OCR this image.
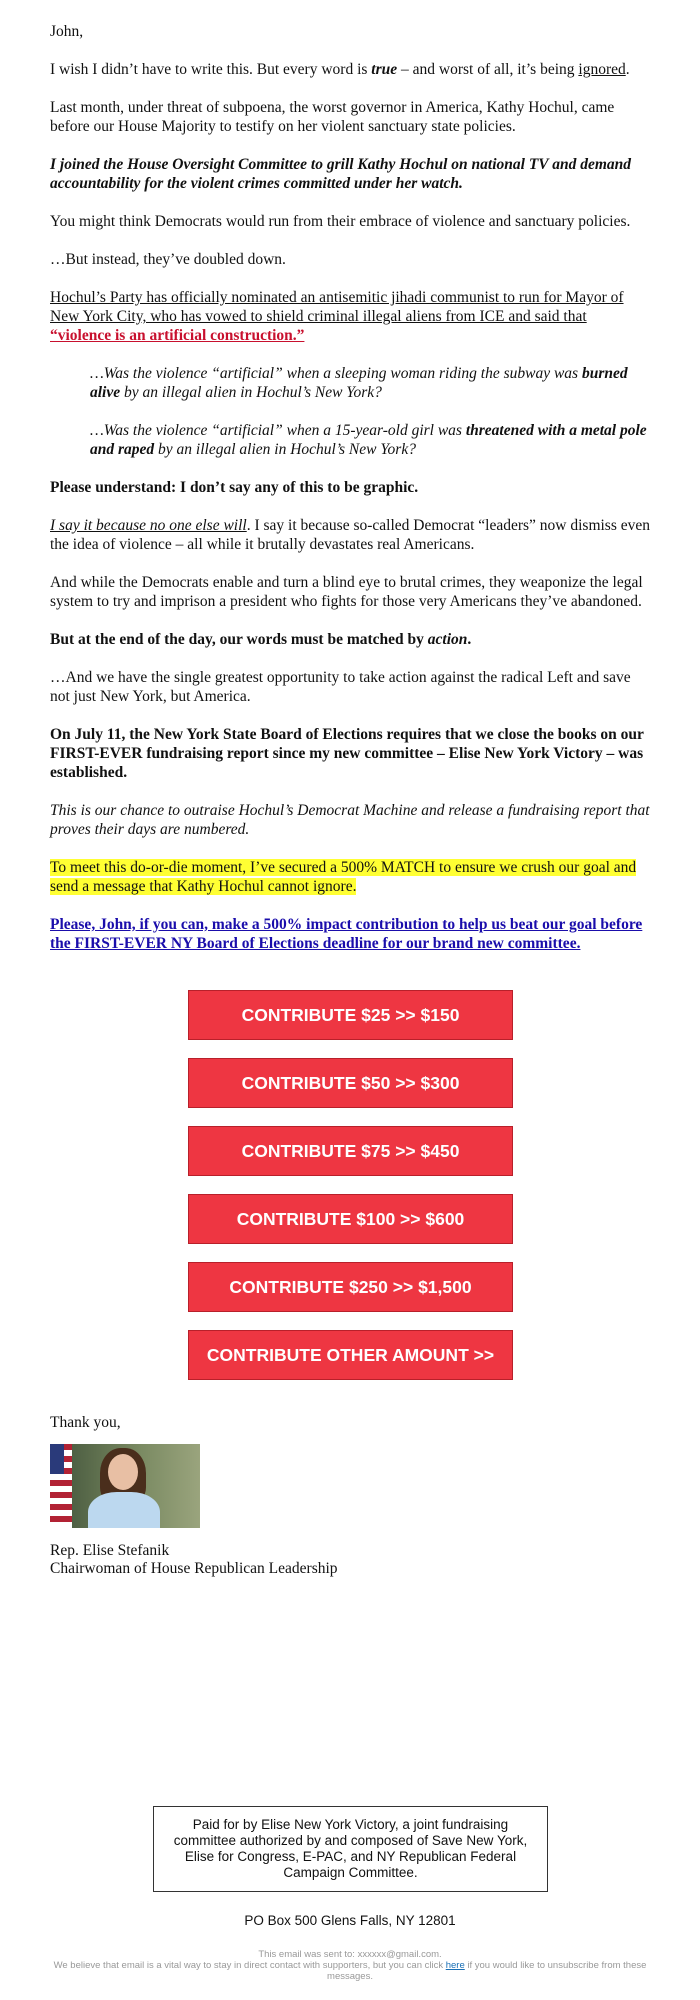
John,

I wish I didn’t have to write this. But every word is true – and worst of all, it’s being ignored.

Last month, under threat of subpoena, the worst governor in America, Kathy Hochul, came before our House Majority to testify on her violent sanctuary state policies.

I joined the House Oversight Committee to grill Kathy Hochul on national TV and demand accountability for the violent crimes committed under her watch.

You might think Democrats would run from their embrace of violence and sanctuary policies.

…But instead, they’ve doubled down.

Hochul’s Party has officially nominated an antisemitic jihadi communist to run for Mayor of New York City, who has vowed to shield criminal illegal aliens from ICE and said that “violence is an artificial construction.”

…Was the violence “artificial” when a sleeping woman riding the subway was burned alive by an illegal alien in Hochul’s New York?

…Was the violence “artificial” when a 15-year-old girl was threatened with a metal pole and raped by an illegal alien in Hochul’s New York?

Please understand: I don’t say any of this to be graphic.

I say it because no one else will. I say it because so-called Democrat “leaders” now dismiss even the idea of violence – all while it brutally devastates real Americans.

And while the Democrats enable and turn a blind eye to brutal crimes, they weaponize the legal system to try and imprison a president who fights for those very Americans they’ve abandoned.

But at the end of the day, our words must be matched by action.

…And we have the single greatest opportunity to take action against the radical Left and save not just New York, but America.

On July 11, the New York State Board of Elections requires that we close the books on our FIRST-EVER fundraising report since my new committee – Elise New York Victory – was established.

This is our chance to outraise Hochul’s Democrat Machine and release a fundraising report that proves their days are numbered.

To meet this do-or-die moment, I’ve secured a 500% MATCH to ensure we crush our goal and send a message that Kathy Hochul cannot ignore.

Please, John, if you can, make a 500% impact contribution to help us beat our goal before the FIRST-EVER NY Board of Elections deadline for our brand new committee.

CONTRIBUTE $25 >> $150
CONTRIBUTE $50 >> $300
CONTRIBUTE $75 >> $450
CONTRIBUTE $100 >> $600
CONTRIBUTE $250 >> $1,500
CONTRIBUTE OTHER AMOUNT >>
Thank you,
Rep. Elise Stefanik
Chairwoman of House Republican Leadership
Paid for by Elise New York Victory, a joint fundraising committee authorized by and composed of Save New York, Elise for Congress, E-PAC, and NY Republican Federal Campaign Committee.
PO Box 500 Glens Falls, NY 12801
This email was sent to: xxxxxx@gmail.com.
We believe that email is a vital way to stay in direct contact with supporters, but you can click here if you would like to unsubscribe from these messages.
